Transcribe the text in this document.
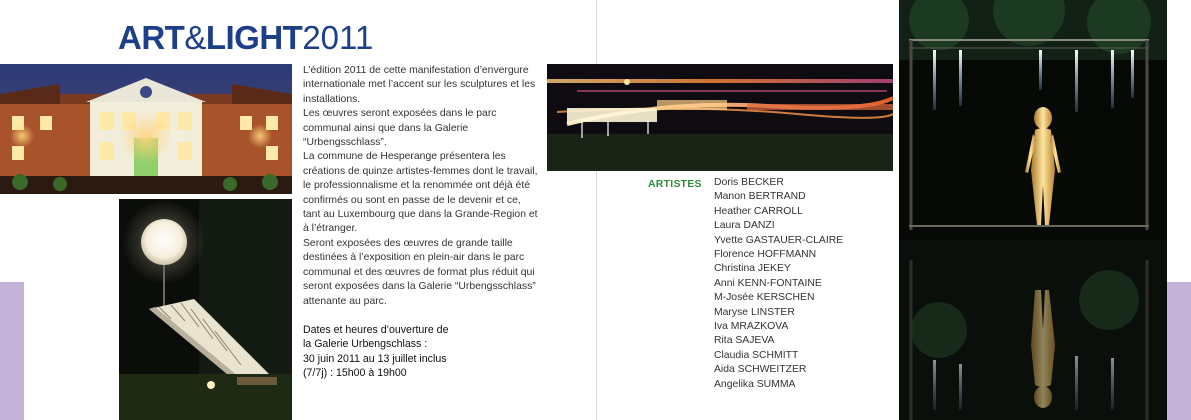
ART&LIGHT2011

L’édition 2011 de cette manifestation d’envergure internationale met l’accent sur les sculptures et les installations.

Les œuvres seront exposées dans le parc communal ainsi que dans la Galerie “Urbengsschlass”.

La commune de Hesperange présentera les créations de quinze artistes-femmes dont le travail, le professionnalisme et la renommée ont déjà été confirmés ou sont en passe de le devenir et ce, tant au Luxembourg que dans la Grande-Region et à l’étranger.

Seront exposées des œuvres de grande taille destinées à l’exposition en plein-air dans le parc communal et des œuvres de format plus réduit qui seront exposées dans la Galerie “Urbengsschlass” attenante au parc.

Dates et heures d’ouverture de

la Galerie Urbengschlass :

30 juin 2011 au 13 juillet inclus

(7/7j) : 15h00 à 19h00

ARTISTES Doris BECKER
Manon BERTRAND
Heather CARROLL
Laura DANZI
Yvette GASTAUER-CLAIRE
Florence HOFFMANN
Christina JEKEY
Anni KENN-FONTAINE
M-Josée KERSCHEN
Maryse LINSTER
Iva MRAZKOVA
Rita SAJEVA
Claudia SCHMITT
Aida SCHWEITZER
Angelika SUMMA
